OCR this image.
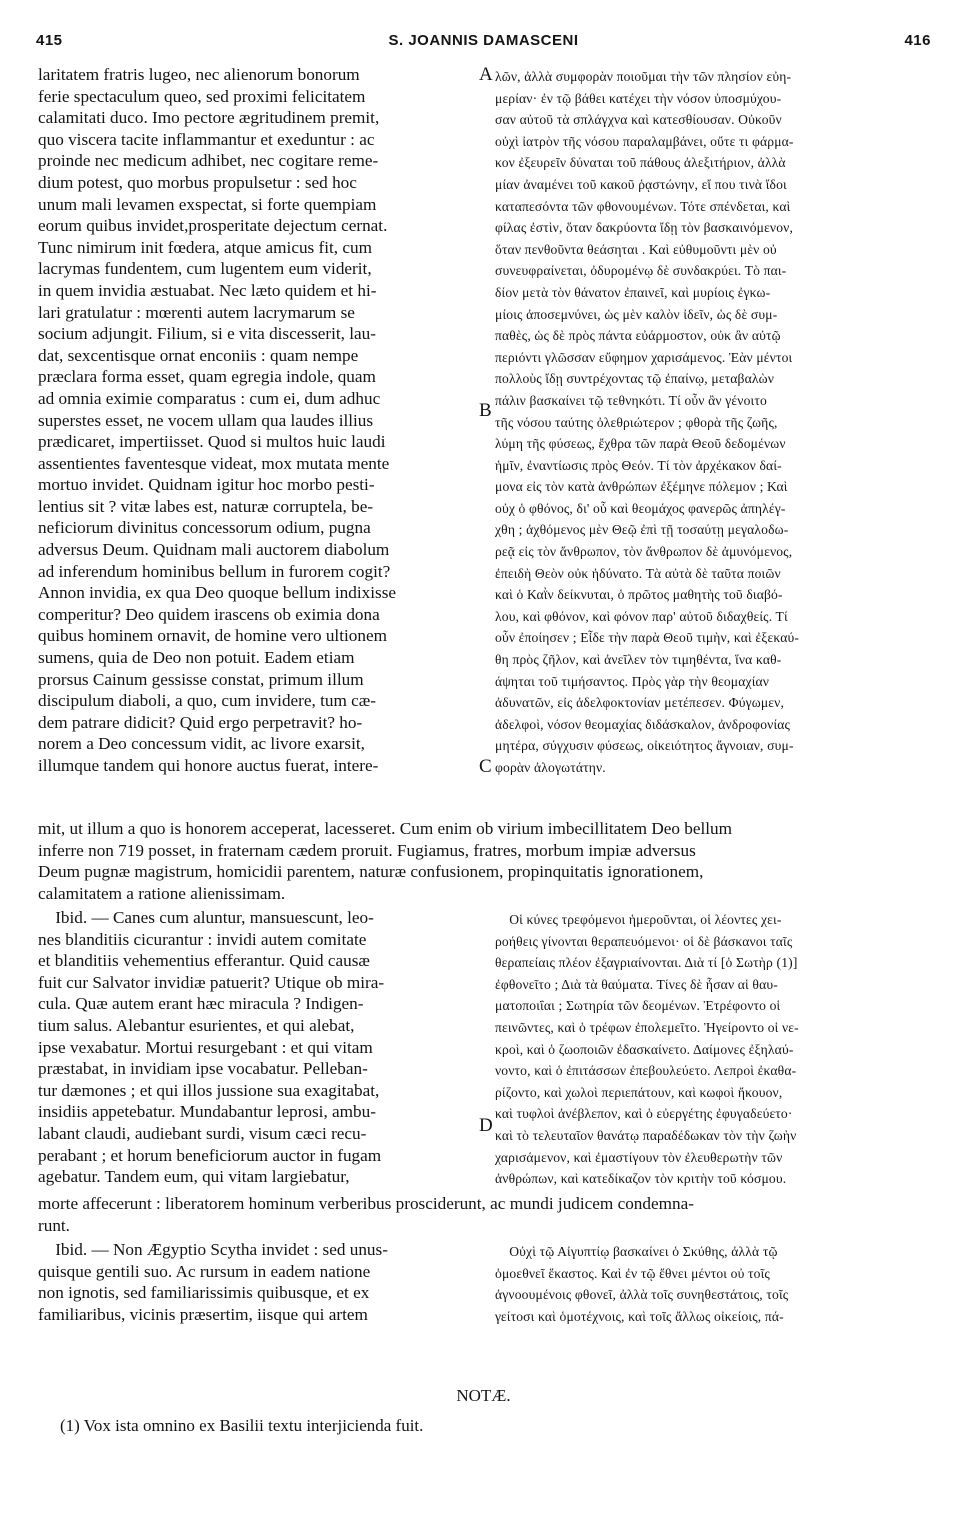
415	S. JOANNIS DAMASCENI	416
laritatem fratris lugeo, nec alienorum bonorum
ferie spectaculum queo, sed proximi felicitatem
calamitati duco. Imo pectore ægritudinem premit,
quo viscera tacite inflammantur et exeduntur : ac
proinde nec medicum adhibet, nec cogitare reme-
dium potest, quo morbus propulsetur : sed hoc
unum mali levamen exspectat, si forte quempiam
eorum quibus invidet,prosperitate dejectum cernat.
Tunc nimirum init fœdera, atque amicus fit, cum
lacrymas fundentem, cum lugentem eum viderit,
in quem invidia æstuabat. Nec læto quidem et hi-
lari gratulatur : mœrenti autem lacrymarum se
socium adjungit. Filium, si e vita discesserit, lau-
dat, sexcentisque ornat enconiis : quam nempe
præclara forma esset, quam egregia indole, quam
ad omnia eximie comparatus : cum ei, dum adhuc
superstes esset, ne vocem ullam qua laudes illius
prædicaret, impertiisset. Quod si multos huic laudi
assentientes faventesque videat, mox mutata mente
mortuo invidet. Quidnam igitur hoc morbo pesti-
lentius sit ? vitæ labes est, naturæ corruptela, be-
neficiorum divinitus concessorum odium, pugna
adversus Deum. Quidnam mali auctorem diabolum
ad inferendum hominibus bellum in furorem cogit?
Annon invidia, ex qua Deo quoque bellum indixisse
comperitur? Deo quidem irascens ob eximia dona
quibus hominem ornavit, de homine vero ultionem
sumens, quia de Deo non potuit. Eadem etiam
prorsus Cainum gessisse constat, primum illum
discipulum diaboli, a quo, cum invidere, tum cæ-
dem patrare didicit? Quid ergo perpetravit? ho-
norem a Deo concessum vidit, ac livore exarsit,
illumque tandem qui honore auctus fuerat, intere-
λῶν, ἀλλὰ συμφορὰν ποιοῦμαι τὴν τῶν πλησίον εὐη-
μερίαν· ἐν τῷ βάθει κατέχει τὴν νόσον ὑποσμύχου-
σαν αὐτοῦ τὰ σπλάγχνα καὶ κατεσθίουσαν. Οὐκοῦν
οὐχὶ ἰατρὸν τῆς νόσου παραλαμβάνει, οὔτε τι φάρμα-
κον ἐξευρεῖν δύναται τοῦ πάθους ἀλεξιτήριον, ἀλλὰ
μίαν ἀναμένει τοῦ κακοῦ ῥᾳστώνην, εἴ που τινὰ ἴδοι
καταπεσόντα τῶν φθονουμένων. Τότε σπένδεται, καὶ
φίλας ἐστὶν, ὅταν δακρύοντα ἴδῃ τὸν βασκαινόμενον,
ὅταν πενθοῦντα θεάσηται . Καὶ εὐθυμοῦντι μὲν οὐ
συνευφραίνεται, ὀδυρομένῳ δὲ συνδακρύει. Τὸ παι-
δίον μετὰ τὸν θάνατον ἐπαινεῖ, καὶ μυρίοις ἐγκω-
μίοις ἀποσεμνύνει, ὡς μὲν καλὸν ἰδεῖν, ὡς δὲ συμ-
παθὲς, ὡς δὲ πρὸς πάντα εὐάρμοστον, οὐκ ἂν αὐτῷ
περιόντι γλῶσσαν εὔφημον χαρισάμενος. Ἐὰν μέντοι
πολλοὺς ἴδῃ συντρέχοντας τῷ ἐπαίνῳ, μεταβαλὼν
πάλιν βασκαίνει τῷ τεθνηκότι. Τί οὖν ἂν γένοιτο
τῆς νόσου ταύτης ὀλεθριώτερον ; φθορὰ τῆς ζωῆς,
λύμη τῆς φύσεως, ἔχθρα τῶν παρὰ Θεοῦ δεδομένων
ἡμῖν, ἐναντίωσις πρὸς Θεόν. Τί τὸν ἀρχέκακον δαί-
μονα εἰς τὸν κατὰ ἀνθρώπων ἐξέμηνε πόλεμον ; Καὶ
οὐχ ὁ φθόνος, δι' οὗ καὶ θεομάχος φανερῶς ἀπηλέγ-
χθη ; ἀχθόμενος μὲν Θεῷ ἐπὶ τῇ τοσαύτῃ μεγαλοδω-
ρεᾷ εἰς τὸν ἄνθρωπον, τὸν ἄνθρωπον δὲ ἀμυνόμενος,
ἐπειδὴ Θεὸν οὐκ ἠδύνατο. Τὰ αὐτὰ δὲ ταῦτα ποιῶν
καὶ ὁ Καῒν δείκνυται, ὁ πρῶτος μαθητὴς τοῦ διαβό-
λου, καὶ φθόνον, καὶ φόνον παρ' αὐτοῦ διδαχθείς. Τί
οὖν ἐποίησεν ; Εἶδε τὴν παρὰ Θεοῦ τιμὴν, καὶ ἐξεκαύ-
θη πρὸς ζῆλον, καὶ ἀνεῖλεν τὸν τιμηθέντα, ἵνα καθ-
άψηται τοῦ τιμήσαντος. Πρὸς γὰρ τὴν θεομαχίαν
ἀδυνατῶν, εἰς ἀδελφοκτονίαν μετέπεσεν. Φύγωμεν,
ἀδελφοὶ, νόσον θεομαχίας διδάσκαλον, ἀνδροφονίας
μητέρα, σύγχυσιν φύσεως, οἰκειότητος ἄγνοιαν, συμ-
φορὰν ἀλογωτάτην.
A
B
C
D
mit, ut illum a quo is honorem acceperat, lacesseret. Cum enim ob virium imbecillitatem Deo bellum
inferre non 719 posset, in fraternam cædem proruit. Fugiamus, fratres, morbum impiæ adversus
Deum pugnæ magistrum, homicidii parentem, naturæ confusionem, propinquitatis ignorationem,
calamitatem a ratione alienissimam.
Ibid. — Canes cum aluntur, mansuescunt, leo-
nes blanditiis cicurantur : invidi autem comitate
et blanditiis vehementius efferantur. Quid causæ
fuit cur Salvator invidiæ patuerit? Utique ob mira-
cula. Quæ autem erant hæc miracula ? Indigen-
tium salus. Alebantur esurientes, et qui alebat,
ipse vexabatur. Mortui resurgebant : et qui vitam
præstabat, in invidiam ipse vocabatur. Pelleban-
tur dæmones ; et qui illos jussione sua exagitabat,
insidiis appetebatur. Mundabantur leprosi, ambu-
labant claudi, audiebant surdi, visum cæci recu-
perabant ; et horum beneficiorum auctor in fugam
agebatur. Tandem eum, qui vitam largiebatur,
Οἱ κύνες τρεφόμενοι ἡμεροῦνται, οἱ λέοντες χει-
ροήθεις γίνονται θεραπευόμενοι· οἱ δὲ βάσκανοι ταῖς
θεραπείαις πλέον ἐξαγριαίνονται. Διὰ τί [ὁ Σωτὴρ (1)]
ἐφθονεῖτο ; Διὰ τὰ θαύματα. Τίνες δὲ ἦσαν αἱ θαυ-
ματοποιΐαι ; Σωτηρία τῶν δεομένων. Ἐτρέφοντο οἱ
πεινῶντες, καὶ ὁ τρέφων ἐπολεμεῖτο. Ἠγείροντο οἱ νε-
κροὶ, καὶ ὁ ζωοποιῶν ἐδασκαίνετο. Δαίμονες ἐξηλαύ-
νοντο, καὶ ὁ ἐπιτάσσων ἐπεβουλεύετο. Λεπροὶ ἐκαθα-
ρίζοντο, καὶ χωλοὶ περιεπάτουν, καὶ κωφοὶ ἤκουον,
καὶ τυφλοὶ ἀνέβλεπον, καὶ ὁ εὐεργέτης ἐφυγαδεύετο·
καὶ τὸ τελευταῖον θανάτῳ παραδέδωκαν τὸν τὴν ζωὴν
χαρισάμενον, καὶ ἐμαστίγουν τὸν ἐλευθερωτὴν τῶν
ἀνθρώπων, καὶ κατεδίκαζον τὸν κριτὴν τοῦ κόσμου.
morte affecerunt : liberatorem hominum verberibus prosciderunt, ac mundi judicem condemna-
runt.
Ibid. — Non Ægyptio Scytha invidet : sed unus-
quisque gentili suo. Ac rursum in eadem natione
non ignotis, sed familiarissimis quibusque, et ex
familiaribus, vicinis præsertim, iisque qui artem
Οὐχὶ τῷ Αἰγυπτίῳ βασκαίνει ὁ Σκύθης, ἀλλὰ τῷ
ὁμοεθνεῖ ἕκαστος. Καὶ ἐν τῷ ἔθνει μέντοι οὐ τοῖς
ἀγνοουμένοις φθονεῖ, ἀλλὰ τοῖς συνηθεστάτοις, τοῖς
γείτοσι καὶ ὁμοτέχνοις, καὶ τοῖς ἄλλως οἰκείοις, πά-
NOTÆ.
(1) Vox ista omnino ex Basilii textu interjicienda fuit.
